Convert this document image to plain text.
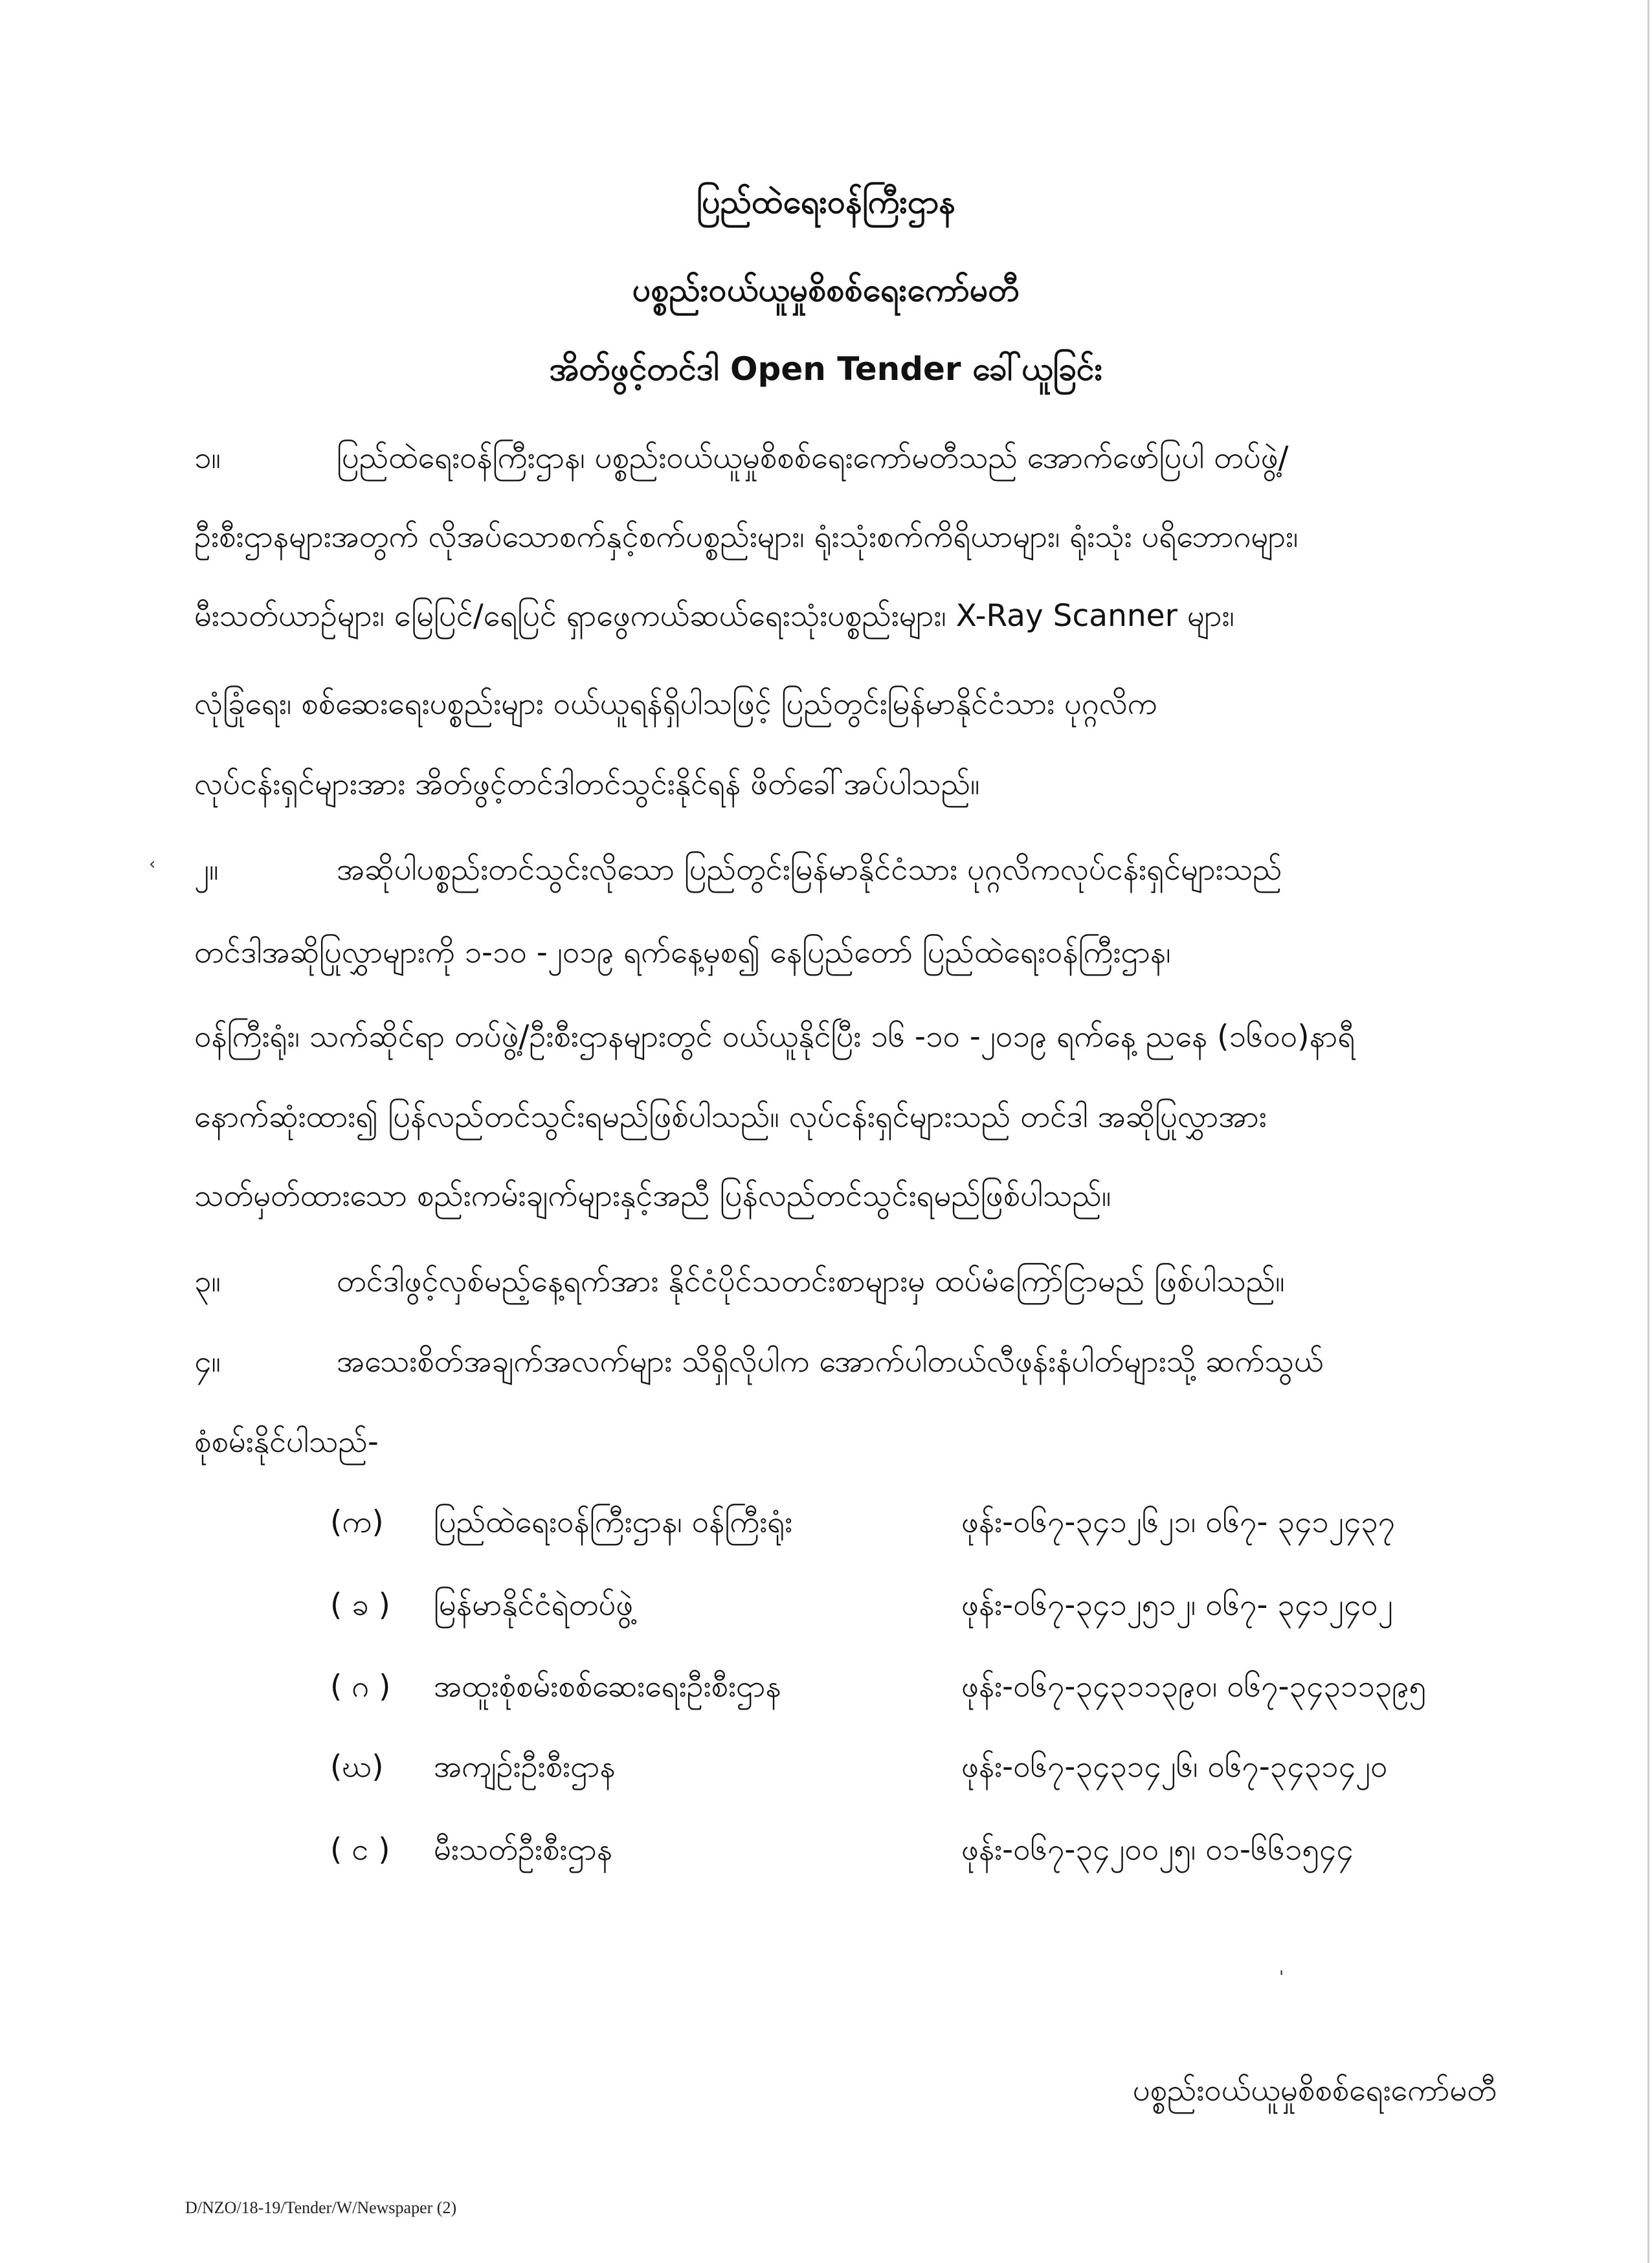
ပြည်ထဲရေးဝန်ကြီးဌာန
ပစ္စည်းဝယ်ယူမှုစိစစ်ရေးကော်မတီ
အိတ်ဖွင့်တင်ဒါ Open Tender ခေါ်ယူခြင်း
၁။	ပြည်ထဲရေးဝန်ကြီးဌာန၊ ပစ္စည်းဝယ်ယူမှုစိစစ်ရေးကော်မတီသည် အောက်ဖော်ပြပါ တပ်ဖွဲ့/
ဦးစီးဌာနများအတွက် လိုအပ်သောစက်နှင့်စက်ပစ္စည်းများ၊ ရုံးသုံးစက်ကိရိယာများ၊ ရုံးသုံး ပရိဘောဂများ၊
မီးသတ်ယာဉ်များ၊ မြေပြင်/ရေပြင် ရှာဖွေကယ်ဆယ်ရေးသုံးပစ္စည်းများ၊ X-Ray Scanner များ၊
လုံခြုံရေး၊ စစ်ဆေးရေးပစ္စည်းများ ဝယ်ယူရန်ရှိပါသဖြင့် ပြည်တွင်းမြန်မာနိုင်ငံသား ပုဂ္ဂလိက
လုပ်ငန်းရှင်များအား အိတ်ဖွင့်တင်ဒါတင်သွင်းနိုင်ရန် ဖိတ်ခေါ်အပ်ပါသည်။
‹ ၂။	အဆိုပါပစ္စည်းတင်သွင်းလိုသော ပြည်တွင်းမြန်မာနိုင်ငံသား ပုဂ္ဂလိကလုပ်ငန်းရှင်များသည်
တင်ဒါအဆိုပြုလွှာများကို ၁-၁၀ -၂၀၁၉ ရက်နေ့မှစ၍ နေပြည်တော် ပြည်ထဲရေးဝန်ကြီးဌာန၊
ဝန်ကြီးရုံး၊ သက်ဆိုင်ရာ တပ်ဖွဲ့/ဦးစီးဌာနများတွင် ဝယ်ယူနိုင်ပြီး ၁၆ -၁၀ -၂၀၁၉ ရက်နေ့ ညနေ (၁၆၀၀)နာရီ
နောက်ဆုံးထား၍ ပြန်လည်တင်သွင်းရမည်ဖြစ်ပါသည်။ လုပ်ငန်းရှင်များသည် တင်ဒါ အဆိုပြုလွှာအား
သတ်မှတ်ထားသော စည်းကမ်းချက်များနှင့်အညီ ပြန်လည်တင်သွင်းရမည်ဖြစ်ပါသည်။
၃။	တင်ဒါဖွင့်လှစ်မည့်နေ့ရက်အား နိုင်ငံပိုင်သတင်းစာများမှ ထပ်မံကြော်ငြာမည် ဖြစ်ပါသည်။
၄။	အသေးစိတ်အချက်အလက်များ သိရှိလိုပါက အောက်ပါတယ်လီဖုန်းနံပါတ်များသို့ ဆက်သွယ်
စုံစမ်းနိုင်ပါသည်-
(က)	ပြည်ထဲရေးဝန်ကြီးဌာန၊ ဝန်ကြီးရုံး	ဖုန်း-၀၆၇-၃၄၁၂၆၂၁၊ ၀၆၇- ၃၄၁၂၄၃၇
( ခ )	မြန်မာနိုင်ငံရဲတပ်ဖွဲ့	ဖုန်း-၀၆၇-၃၄၁၂၅၁၂၊ ၀၆၇- ၃၄၁၂၄၀၂
( ဂ )	အထူးစုံစမ်းစစ်ဆေးရေးဦးစီးဌာန	ဖုန်း-၀၆၇-၃၄၃၁၁၃၉၀၊ ၀၆၇-၃၄၃၁၁၃၉၅
(ဃ)	အကျဉ်းဦးစီးဌာန	ဖုန်း-၀၆၇-၃၄၃၁၄၂၆၊ ၀၆၇-၃၄၃၁၄၂၀
( င )	မီးသတ်ဦးစီးဌာန	ဖုန်း-၀၆၇-၃၄၂၀၀၂၅၊ ၀၁-၆၆၁၅၄၄
'
ပစ္စည်းဝယ်ယူမှုစိစစ်ရေးကော်မတီ
D/NZO/18-19/Tender/W/Newspaper (2)
